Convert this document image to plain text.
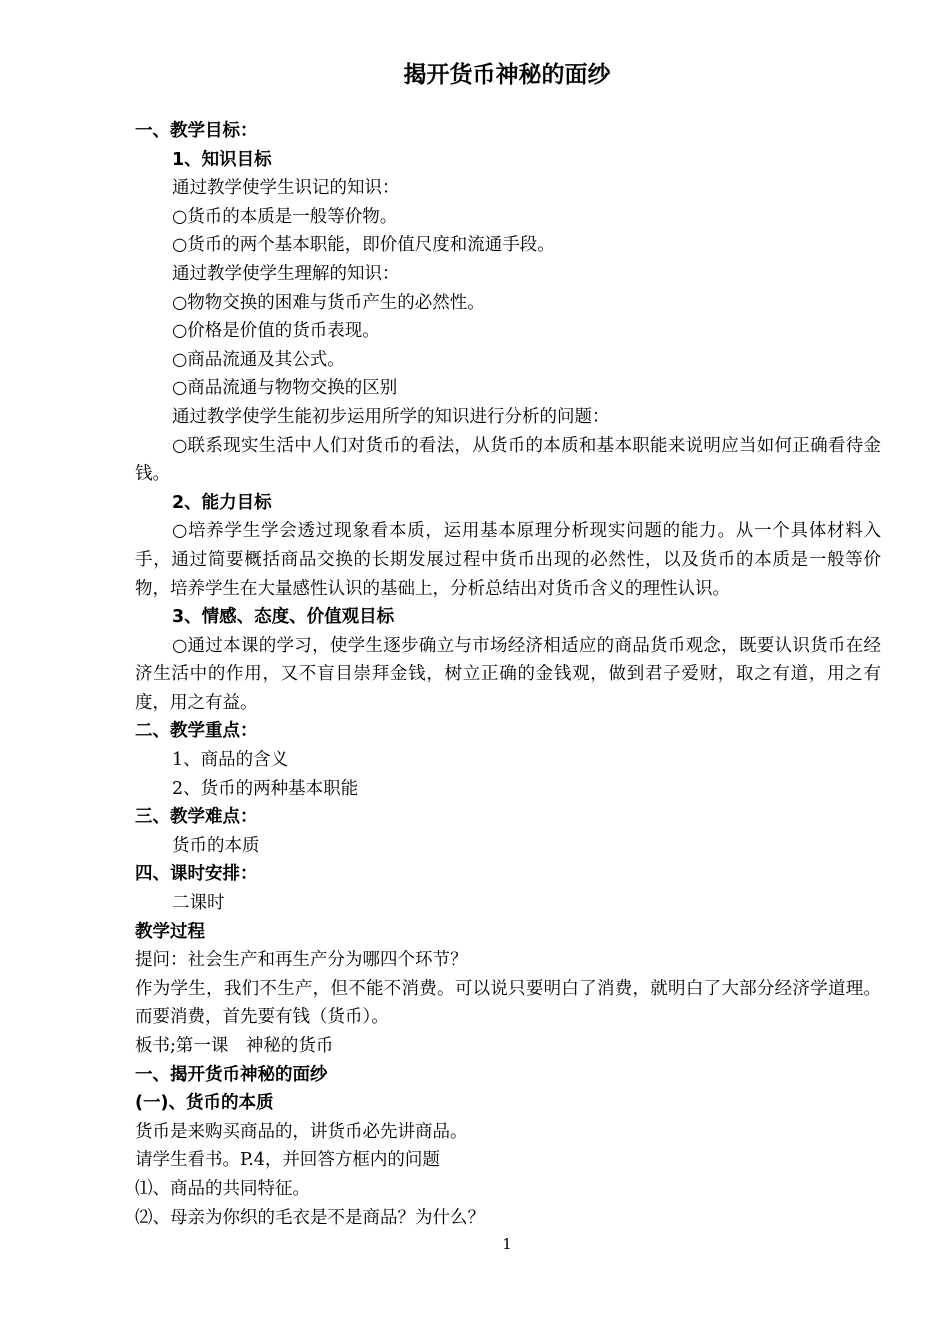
揭开货币神秘的面纱
一、教学目标：
1、知识目标
通过教学使学生识记的知识：
○货币的本质是一般等价物。
○货币的两个基本职能，即价值尺度和流通手段。
通过教学使学生理解的知识：
○物物交换的困难与货币产生的必然性。
○价格是价值的货币表现。
○商品流通及其公式。
○商品流通与物物交换的区别
通过教学使学生能初步运用所学的知识进行分析的问题：
○联系现实生活中人们对货币的看法，从货币的本质和基本职能来说明应当如何正确看待金钱。
2、能力目标
○培养学生学会透过现象看本质，运用基本原理分析现实问题的能力。从一个具体材料入手，通过简要概括商品交换的长期发展过程中货币出现的必然性，以及货币的本质是一般等价物，培养学生在大量感性认识的基础上，分析总结出对货币含义的理性认识。
3、情感、态度、价值观目标
○通过本课的学习，使学生逐步确立与市场经济相适应的商品货币观念，既要认识货币在经济生活中的作用，又不盲目崇拜金钱，树立正确的金钱观，做到君子爱财，取之有道，用之有度，用之有益。
二、教学重点：
1、商品的含义
2、货币的两种基本职能
三、教学难点：
货币的本质
四、课时安排：
二课时
教学过程
提问：社会生产和再生产分为哪四个环节？
作为学生，我们不生产，但不能不消费。可以说只要明白了消费，就明白了大部分经济学道理。而要消费，首先要有钱（货币）。
板书;第一课　神秘的货币
一、揭开货币神秘的面纱
(一)、货币的本质
货币是来购买商品的，讲货币必先讲商品。
请学生看书。P.4，并回答方框内的问题
⑴、商品的共同特征。
⑵、母亲为你织的毛衣是不是商品？为什么？
1
